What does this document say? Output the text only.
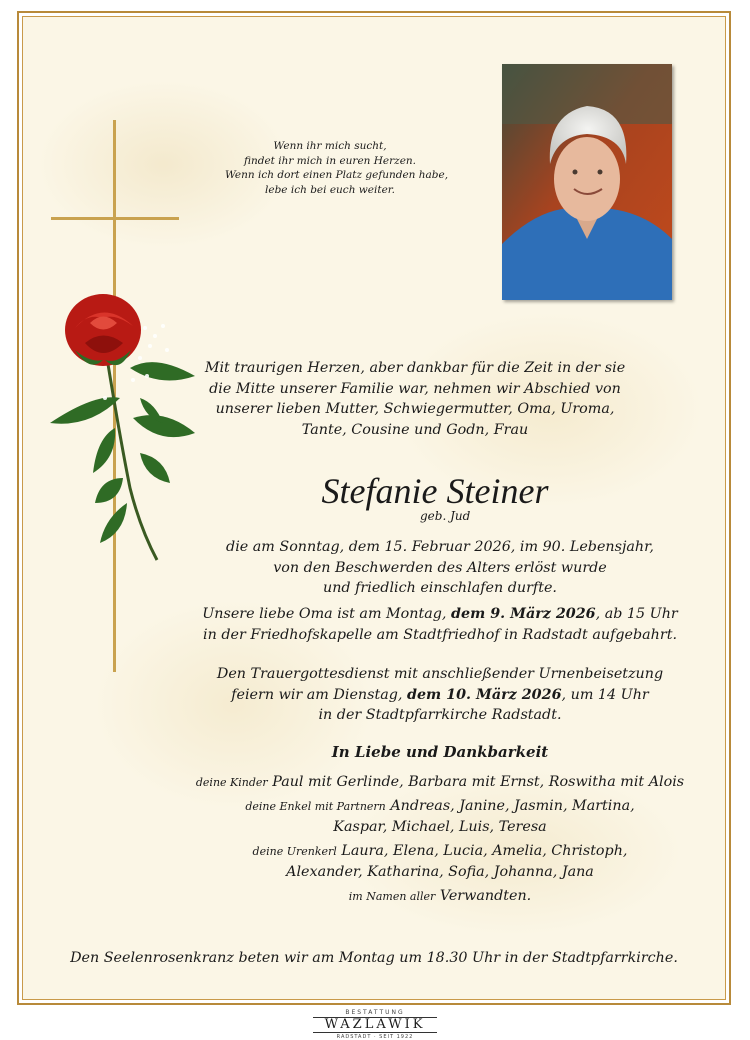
Wenn ihr mich sucht,
findet ihr mich in euren Herzen.
Wenn ich dort einen Platz gefunden habe,
lebe ich bei euch weiter.
Mit traurigen Herzen, aber dankbar für die Zeit in der sie
die Mitte unserer Familie war, nehmen wir Abschied von
unserer lieben Mutter, Schwiegermutter, Oma, Uroma,
Tante, Cousine und Godn, Frau
Stefanie Steiner
geb. Jud
die am Sonntag, dem 15. Februar 2026, im 90. Lebensjahr,
von den Beschwerden des Alters erlöst wurde
und friedlich einschlafen durfte.
Unsere liebe Oma ist am Montag, dem 9. März 2026, ab 15 Uhr
in der Friedhofskapelle am Stadtfriedhof in Radstadt aufgebahrt.
Den Trauergottesdienst mit anschließender Urnenbeisetzung
feiern wir am Dienstag, dem 10. März 2026, um 14 Uhr
in der Stadtpfarrkirche Radstadt.
In Liebe und Dankbarkeit
deine Kinder Paul mit Gerlinde, Barbara mit Ernst, Roswitha mit Alois
deine Enkel mit Partnern Andreas, Janine, Jasmin, Martina,
Kaspar, Michael, Luis, Teresa
deine Urenkerl Laura, Elena, Lucia, Amelia, Christoph,
Alexander, Katharina, Sofia, Johanna, Jana
im Namen aller Verwandten.
Den Seelenrosenkranz beten wir am Montag um 18.30 Uhr in der Stadtpfarrkirche.
BESTATTUNG
WAZLAWIK
RADSTADT · SEIT 1922
